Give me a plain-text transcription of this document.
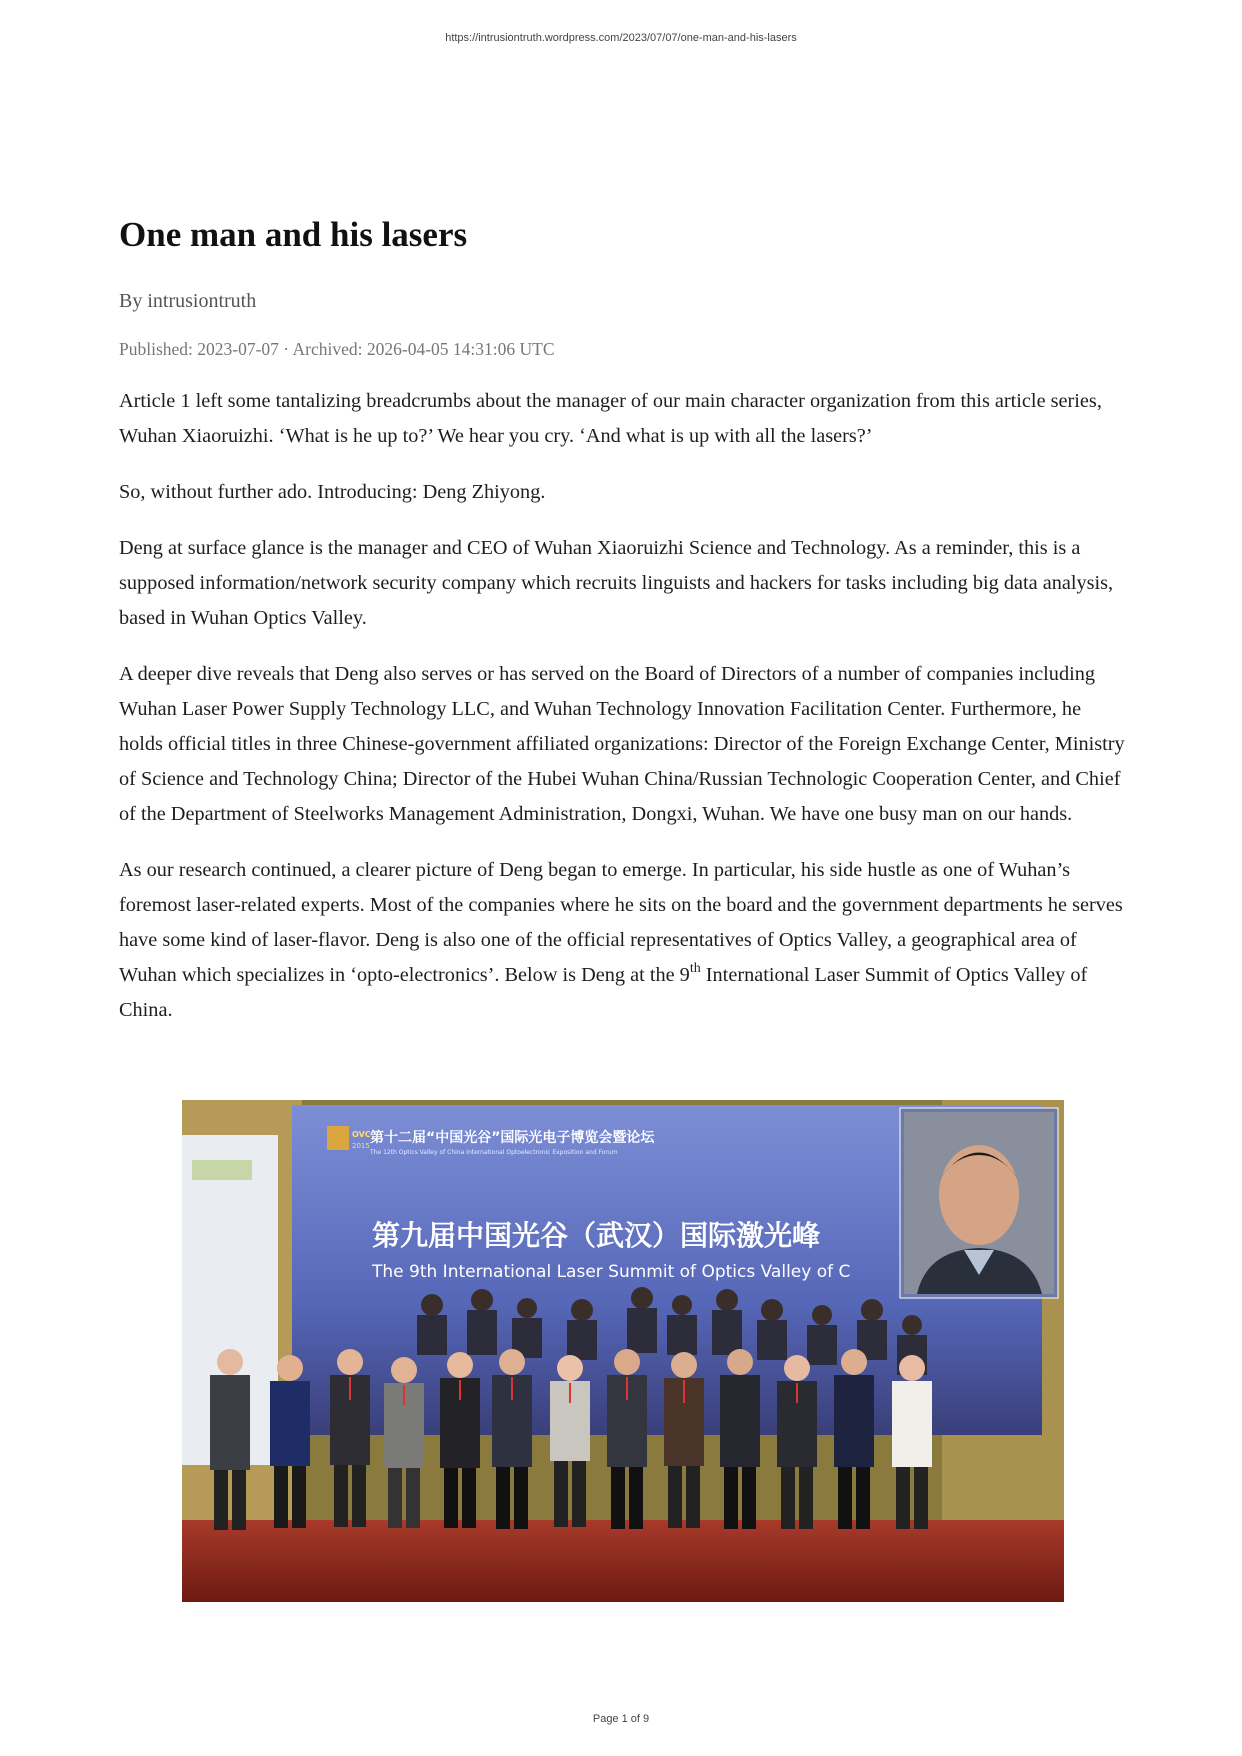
https://intrusiontruth.wordpress.com/2023/07/07/one-man-and-his-lasers
One man and his lasers
By intrusiontruth
Published: 2023-07-07 · Archived: 2026-04-05 14:31:06 UTC

Article 1 left some tantalizing breadcrumbs about the manager of our main character organization from this article series, Wuhan Xiaoruizhi. ‘What is he up to?’ We hear you cry. ‘And what is up with all the lasers?’

So, without further ado. Introducing: Deng Zhiyong.

Deng at surface glance is the manager and CEO of Wuhan Xiaoruizhi Science and Technology. As a reminder, this is a supposed information/network security company which recruits linguists and hackers for tasks including big data analysis, based in Wuhan Optics Valley.

A deeper dive reveals that Deng also serves or has served on the Board of Directors of a number of companies including Wuhan Laser Power Supply Technology LLC, and Wuhan Technology Innovation Facilitation Center. Furthermore, he holds official titles in three Chinese-government affiliated organizations: Director of the Foreign Exchange Center, Ministry of Science and Technology China; Director of the Hubei Wuhan China/Russian Technologic Cooperation Center, and Chief of the Department of Steelworks Management Administration, Dongxi, Wuhan. We have one busy man on our hands.

As our research continued, a clearer picture of Deng began to emerge. In particular, his side hustle as one of Wuhan’s foremost laser-related experts. Most of the companies where he sits on the board and the government departments he serves have some kind of laser-flavor. Deng is also one of the official representatives of Optics Valley, a geographical area of Wuhan which specializes in ‘opto-electronics’. Below is Deng at the 9th International Laser Summit of Optics Valley of China.

OVC
2015 第十二届“中国光谷”国际光电子博览会暨论坛
The 12th Optics Valley of China International Optoelectronic Exposition and Forum
第九届中国光谷（武汉）国际激光峰
The 9th International Laser Summit of Optics Valley of C
Page 1 of 9
